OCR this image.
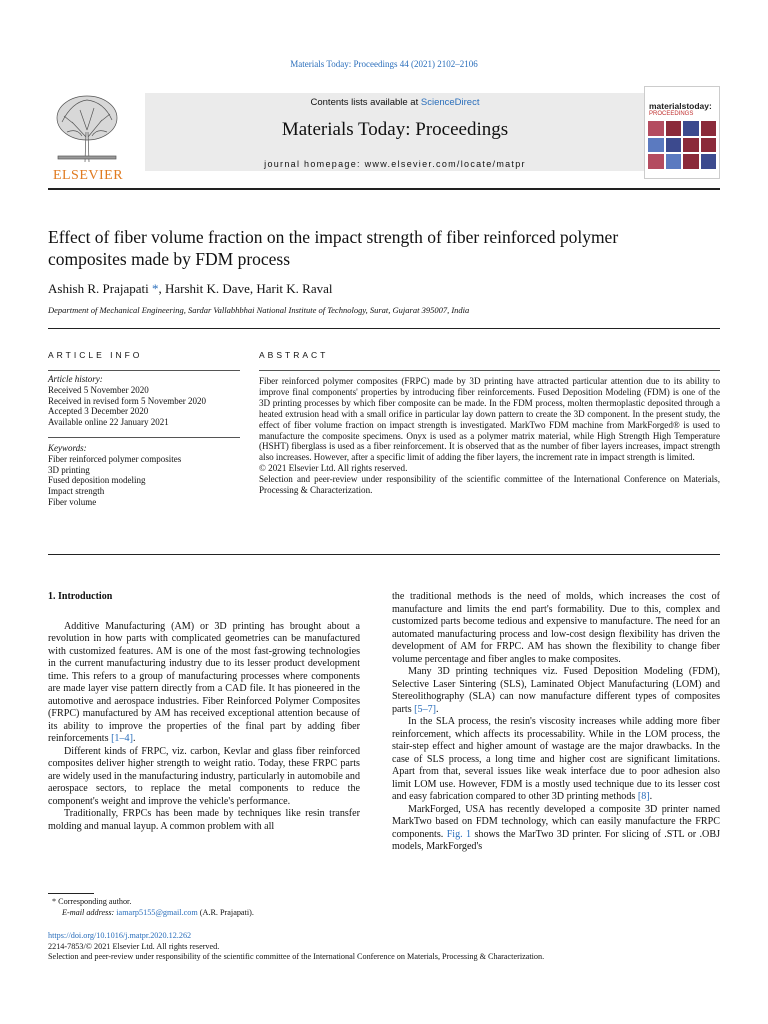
Materials Today: Proceedings 44 (2021) 2102–2106
ELSEVIER
Contents lists available at ScienceDirect
Materials Today: Proceedings
journal homepage: www.elsevier.com/locate/matpr
materialstoday:
PROCEEDINGS
Effect of fiber volume fraction on the impact strength of fiber reinforced polymer composites made by FDM process
Ashish R. Prajapati *, Harshit K. Dave, Harit K. Raval
Department of Mechanical Engineering, Sardar Vallabhbhai National Institute of Technology, Surat, Gujarat 395007, India
ARTICLE INFO	ABSTRACT
Article history:
Received 5 November 2020
Received in revised form 5 November 2020
Accepted 3 December 2020
Available online 22 January 2021
Keywords:
Fiber reinforced polymer composites
3D printing
Fused deposition modeling
Impact strength
Fiber volume
Fiber reinforced polymer composites (FRPC) made by 3D printing have attracted particular attention due to its ability to improve final components' properties by introducing fiber reinforcements. Fused Deposition Modeling (FDM) is one of the 3D printing processes by which fiber composite can be made. In the FDM process, molten thermoplastic deposited through a heated extrusion head with a small orifice in particular lay down pattern to create the 3D component. In the present study, the effect of fiber volume fraction on impact strength is investigated. MarkTwo FDM machine from MarkForged® is used to manufacture the composite specimens. Onyx is used as a polymer matrix material, while High Strength High Temperature (HSHT) fiberglass is used as a fiber reinforcement. It is observed that as the number of fiber layers increases, impact strength also increases. However, after a specific limit of adding the fiber layers, the increment rate in impact strength is limited.
© 2021 Elsevier Ltd. All rights reserved.
Selection and peer-review under responsibility of the scientific committee of the International Conference on Materials, Processing & Characterization.
1. Introduction

Additive Manufacturing (AM) or 3D printing has brought about a revolution in how parts with complicated geometries can be manufactured with customized features. AM is one of the most fast-growing technologies in the current manufacturing industry due to its lesser product development time. This refers to a group of manufacturing processes where components are made layer vise pattern directly from a CAD file. It has pioneered in the automotive and aerospace industries. Fiber Reinforced Polymer Composites (FRPC) manufactured by AM has received exceptional attention because of its ability to improve the properties of the final part by adding fiber reinforcements [1–4].

Different kinds of FRPC, viz. carbon, Kevlar and glass fiber reinforced composites deliver higher strength to weight ratio. Today, these FRPC parts are widely used in the manufacturing industry, particularly in automobile and aerospace sectors, to replace the metal components to reduce the component's weight and improve the vehicle's performance.

Traditionally, FRPCs has been made by techniques like resin transfer molding and manual layup. A common problem with all

the traditional methods is the need of molds, which increases the cost of manufacture and limits the end part's formability. Due to this, complex and customized parts become tedious and expensive to manufacture. The need for an automated manufacturing process and low-cost design flexibility has driven the development of AM for FRPC. AM has shown the flexibility to change fiber volume percentage and fiber angles to make composites.

Many 3D printing techniques viz. Fused Deposition Modeling (FDM), Selective Laser Sintering (SLS), Laminated Object Manufacturing (LOM) and Stereolithography (SLA) can now manufacture different types of composites parts [5–7].

In the SLA process, the resin's viscosity increases while adding more fiber reinforcement, which affects its processability. While in the LOM process, the stair-step effect and higher amount of wastage are the major drawbacks. In the case of SLS process, a long time and higher cost are significant limitations. Apart from that, several issues like weak interface due to poor adhesion also limit LOM use. However, FDM is a mostly used technique due to its lesser cost and easy fabrication compared to other 3D printing methods [8].

MarkForged, USA has recently developed a composite 3D printer named MarkTwo based on FDM technology, which can easily manufacture the FRPC components. Fig. 1 shows the MarTwo 3D printer. For slicing of .STL or .OBJ models, MarkForged's

* Corresponding author.
E-mail address: iamarp5155@gmail.com (A.R. Prajapati).
https://doi.org/10.1016/j.matpr.2020.12.262
2214-7853/© 2021 Elsevier Ltd. All rights reserved.
Selection and peer-review under responsibility of the scientific committee of the International Conference on Materials, Processing & Characterization.
